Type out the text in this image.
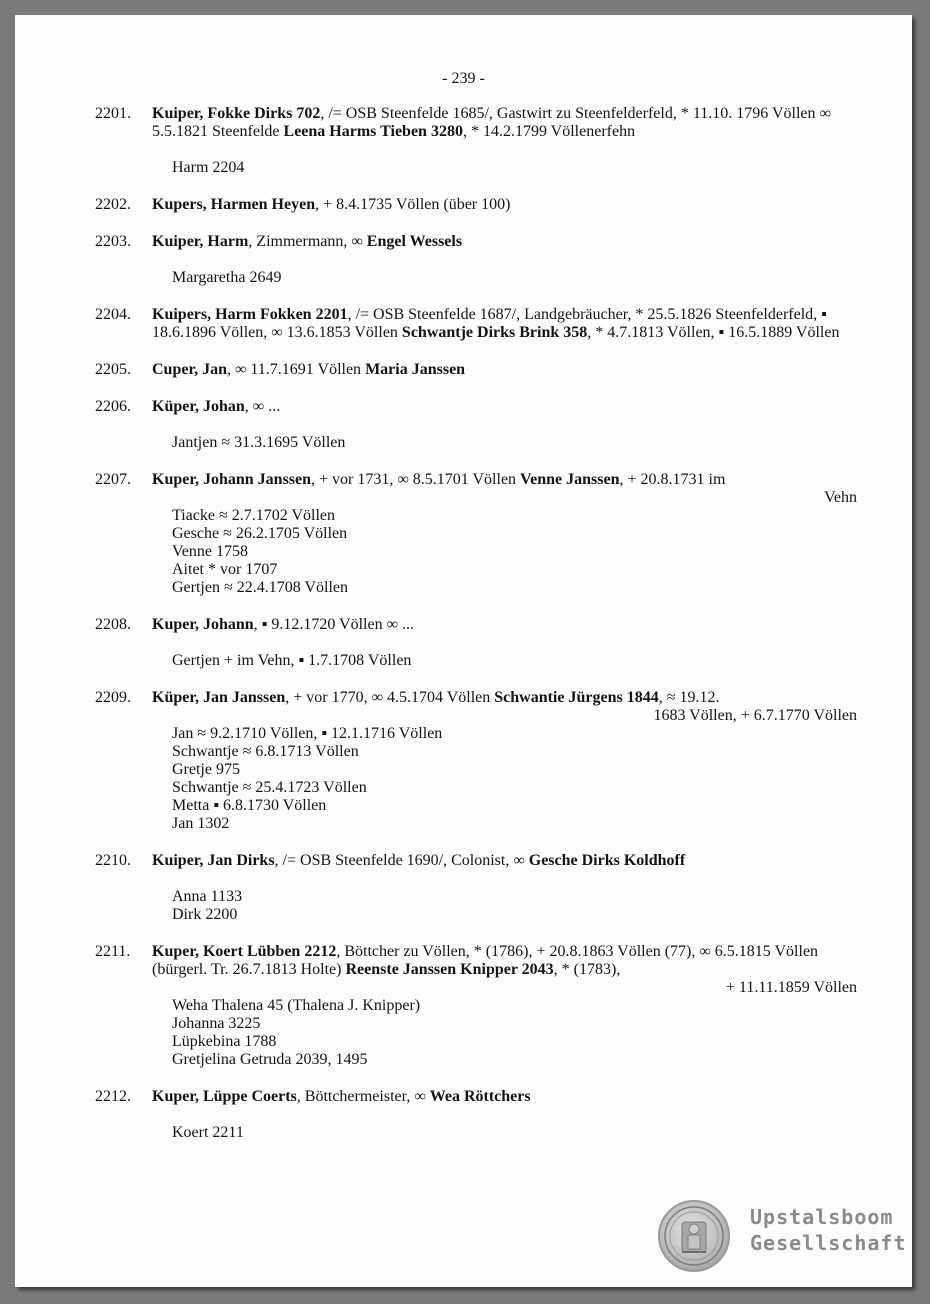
- 239 -
2201.	Kuiper, Fokke Dirks 702, /= OSB Steenfelde 1685/, Gastwirt zu Steenfelderfeld, * 11.10. 1796 Völlen ∞ 5.5.1821 Steenfelde Leena Harms Tieben 3280, * 14.2.1799 Völlenerfehn
Harm 2204
2202.	Kupers, Harmen Heyen, + 8.4.1735 Völlen (über 100)
2203.	Kuiper, Harm, Zimmermann, ∞ Engel Wessels
Margaretha 2649
2204.	Kuipers, Harm Fokken 2201, /= OSB Steenfelde 1687/, Landgebräucher, * 25.5.1826 Steenfelderfeld, ▪ 18.6.1896 Völlen, ∞ 13.6.1853 Völlen Schwantje Dirks Brink 358, * 4.7.1813 Völlen, ▪ 16.5.1889 Völlen
2205.	Cuper, Jan, ∞ 11.7.1691 Völlen Maria Janssen
2206.	Küper, Johan, ∞ ...
Jantjen ≈ 31.3.1695 Völlen
2207.	Kuper, Johann Janssen, + vor 1731, ∞ 8.5.1701 Völlen Venne Janssen, + 20.8.1731 im
Vehn
Tiacke ≈ 2.7.1702 Völlen
Gesche ≈ 26.2.1705 Völlen
Venne 1758
Aitet * vor 1707
Gertjen ≈ 22.4.1708 Völlen
2208.	Kuper, Johann, ▪ 9.12.1720 Völlen ∞ ...
Gertjen + im Vehn, ▪ 1.7.1708 Völlen
2209.	Küper, Jan Janssen, + vor 1770, ∞ 4.5.1704 Völlen Schwantie Jürgens 1844, ≈ 19.12.
1683 Völlen, + 6.7.1770 Völlen
Jan ≈ 9.2.1710 Völlen, ▪ 12.1.1716 Völlen
Schwantje ≈ 6.8.1713 Völlen
Gretje 975
Schwantje ≈ 25.4.1723 Völlen
Metta ▪ 6.8.1730 Völlen
Jan 1302
2210.	Kuiper, Jan Dirks, /= OSB Steenfelde 1690/, Colonist, ∞ Gesche Dirks Koldhoff
Anna 1133
Dirk 2200
2211.	Kuper, Koert Lübben 2212, Böttcher zu Völlen, * (1786), + 20.8.1863 Völlen (77), ∞ 6.5.1815 Völlen (bürgerl. Tr. 26.7.1813 Holte) Reenste Janssen Knipper 2043, * (1783),
+ 11.11.1859 Völlen
Weha Thalena 45 (Thalena J. Knipper)
Johanna 3225
Lüpkebina 1788
Gretjelina Getruda 2039, 1495
2212.	Kuper, Lüppe Coerts, Böttchermeister, ∞ Wea Röttchers
Koert 2211
Upstalsboom
Gesellschaft
